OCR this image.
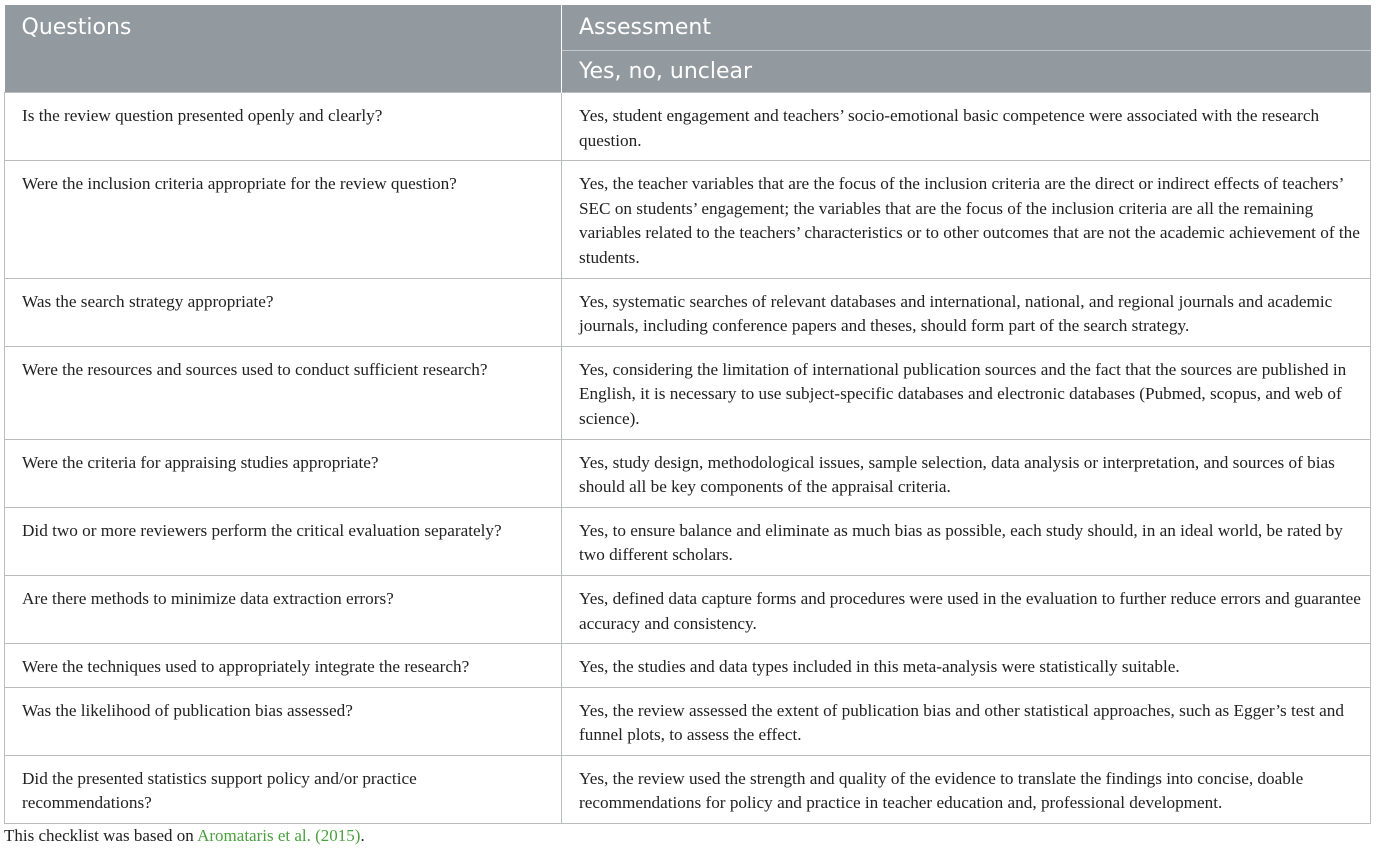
Questions	Assessment
	Yes, no, unclear
Is the review question presented openly and clearly?	Yes, student engagement and teachers’ socio-emotional basic competence were associated with the research question.
Were the inclusion criteria appropriate for the review question?	Yes, the teacher variables that are the focus of the inclusion criteria are the direct or indirect effects of teachers’ SEC on students’ engagement; the variables that are the focus of the inclusion criteria are all the remaining variables related to the teachers’ characteristics or to other outcomes that are not the academic achievement of the students.
Was the search strategy appropriate?	Yes, systematic searches of relevant databases and international, national, and regional journals and academic journals, including conference papers and theses, should form part of the search strategy.
Were the resources and sources used to conduct sufficient research?	Yes, considering the limitation of international publication sources and the fact that the sources are published in English, it is necessary to use subject-specific databases and electronic databases (Pubmed, scopus, and web of science).
Were the criteria for appraising studies appropriate?	Yes, study design, methodological issues, sample selection, data analysis or interpretation, and sources of bias should all be key components of the appraisal criteria.
Did two or more reviewers perform the critical evaluation separately?	Yes, to ensure balance and eliminate as much bias as possible, each study should, in an ideal world, be rated by two different scholars.
Are there methods to minimize data extraction errors?	Yes, defined data capture forms and procedures were used in the evaluation to further reduce errors and guarantee accuracy and consistency.
Were the techniques used to appropriately integrate the research?	Yes, the studies and data types included in this meta-analysis were statistically suitable.
Was the likelihood of publication bias assessed?	Yes, the review assessed the extent of publication bias and other statistical approaches, such as Egger’s test and funnel plots, to assess the effect.
Did the presented statistics support policy and/or practice recommendations?	Yes, the review used the strength and quality of the evidence to translate the findings into concise, doable recommendations for policy and practice in teacher education and, professional development.
This checklist was based on Aromataris et al. (2015).
